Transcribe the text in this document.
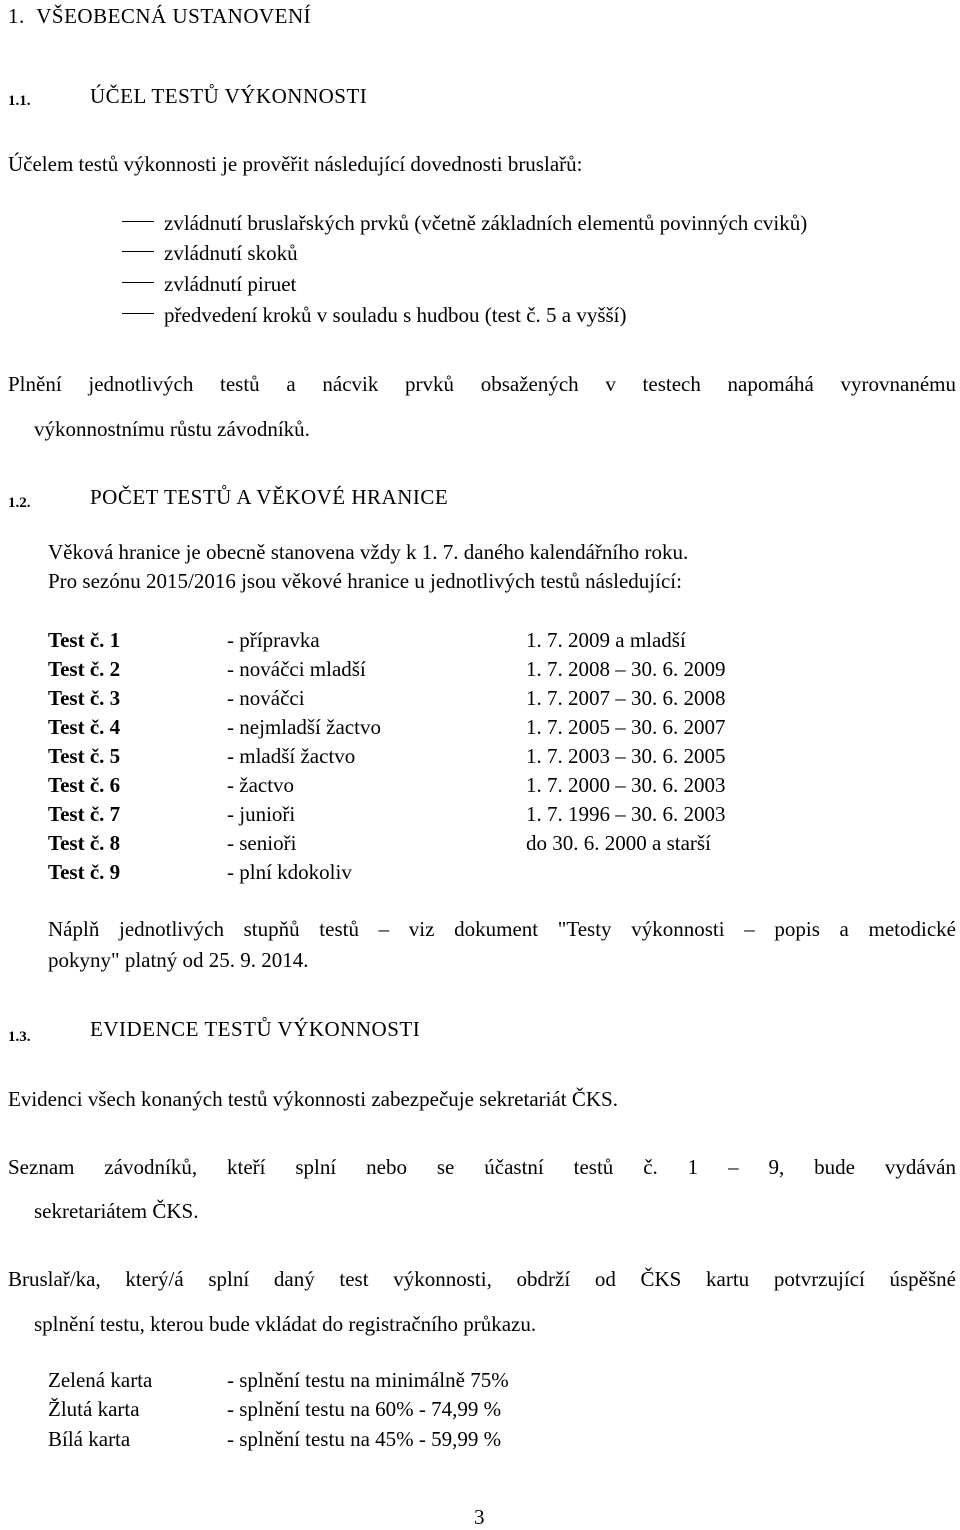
1. VŠEOBECNÁ USTANOVENÍ
1.1.	ÚČEL TESTŮ VÝKONNOSTI
Účelem testů výkonnosti je prověřit následující dovednosti bruslařů:
zvládnutí bruslařských prvků (včetně základních elementů povinných cviků)
zvládnutí skoků
zvládnutí piruet
předvedení kroků v souladu s hudbou (test č. 5 a vyšší)
Plnění jednotlivých testů a nácvik prvků obsažených v testech napomáhá vyrovnanému
výkonnostnímu růstu závodníků.
1.2.	POČET TESTŮ A VĚKOVÉ HRANICE
Věková hranice je obecně stanovena vždy k 1. 7. daného kalendářního roku.
Pro sezónu 2015/2016 jsou věkové hranice u jednotlivých testů následující:
Test č. 1	- přípravka	1. 7. 2009 a mladší
Test č. 2	- nováčci mladší	1. 7. 2008 – 30. 6. 2009
Test č. 3	- nováčci	1. 7. 2007 – 30. 6. 2008
Test č. 4	- nejmladší žactvo	1. 7. 2005 – 30. 6. 2007
Test č. 5	- mladší žactvo	1. 7. 2003 – 30. 6. 2005
Test č. 6	- žactvo	1. 7. 2000 – 30. 6. 2003
Test č. 7	- junioři	1. 7. 1996 – 30. 6. 2003
Test č. 8	- senioři	do 30. 6. 2000 a starší
Test č. 9	- plní kdokoliv
Náplň jednotlivých stupňů testů – viz dokument "Testy výkonnosti – popis a metodické
pokyny" platný od 25. 9. 2014.
1.3.	EVIDENCE TESTŮ VÝKONNOSTI
Evidenci všech konaných testů výkonnosti zabezpečuje sekretariát ČKS.
Seznam závodníků, kteří splní nebo se účastní testů č. 1 – 9, bude vydáván
sekretariátem ČKS.
Bruslař/ka, který/á splní daný test výkonnosti, obdrží od ČKS kartu potvrzující úspěšné
splnění testu, kterou bude vkládat do registračního průkazu.
Zelená karta	- splnění testu na minimálně 75%
Žlutá karta	- splnění testu na 60% - 74,99 %
Bílá karta	- splnění testu na 45% - 59,99 %
3
